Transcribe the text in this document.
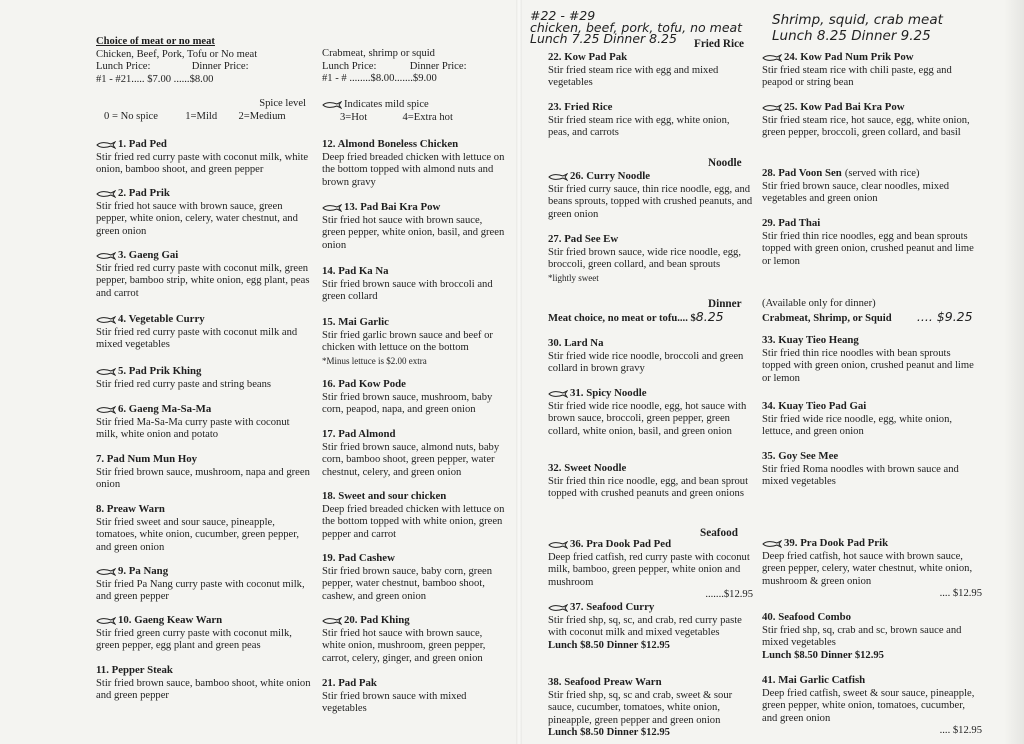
Choice of meat or no meat

Chicken, Beef, Pork, Tofu or No meat

Lunch Price:	Dinner Price:

#1 - #21..... $7.00 ......$8.00

Spice level

0 = No spice	1=Mild 2=Medium

1. Pad Ped

Stir fried red curry paste with coconut milk, white onion, bamboo shoot, and green pepper

2. Pad Prik

Stir fried hot sauce with brown sauce, green pepper, white onion, celery, water chestnut, and green onion

3. Gaeng Gai

Stir fried red curry paste with coconut milk, green pepper, bamboo strip, white onion, egg plant, peas and carrot

4. Vegetable Curry

Stir fried red curry paste with coconut milk and mixed vegetables

5. Pad Prik Khing

Stir fried red curry paste and string beans

6. Gaeng Ma-Sa-Ma

Stir fried Ma-Sa-Ma curry paste with coconut milk, white onion and potato

7. Pad Num Mun Hoy

Stir fried brown sauce, mushroom, napa and green onion

8. Preaw Warn

Stir fried sweet and sour sauce, pineapple, tomatoes, white onion, cucumber, green pepper, and green onion

9. Pa Nang

Stir fried Pa Nang curry paste with coconut milk, and green pepper

10. Gaeng Keaw Warn

Stir fried green curry paste with coconut milk, green pepper, egg plant and green peas

11. Pepper Steak

Stir fried brown sauce, bamboo shoot, white onion and green pepper

Crabmeat, shrimp or squid

Lunch Price:	Dinner Price:

#1 - # ........$8.00.......$9.00

Indicates mild spice

3=Hot	4=Extra hot

12. Almond Boneless Chicken

Deep fried breaded chicken with lettuce on the bottom topped with almond nuts and brown gravy

13. Pad Bai Kra Pow

Stir fried hot sauce with brown sauce, green pepper, white onion, basil, and green onion

14. Pad Ka Na

Stir fried brown sauce with broccoli and green collard

15. Mai Garlic

Stir fried garlic brown sauce and beef or chicken with lettuce on the bottom
*Minus lettuce is $2.00 extra

16. Pad Kow Pode

Stir fried brown sauce, mushroom, baby corn, peapod, napa, and green onion

17. Pad Almond

Stir fried brown sauce, almond nuts, baby corn, bamboo shoot, green pepper, water chestnut, celery, and green onion

18. Sweet and sour chicken

Deep fried breaded chicken with lettuce on the bottom topped with white onion, green pepper and carrot

19. Pad Cashew

Stir fried brown sauce, baby corn, green pepper, water chestnut, bamboo shoot, cashew, and green onion

20. Pad Khing

Stir fried hot sauce with brown sauce, white onion, mushroom, green pepper, carrot, celery, ginger, and green onion

21. Pad Pak

Stir fried brown sauce with mixed vegetables

#22 - #29

chicken, beef, pork, tofu, no meat

Lunch 7.25 Dinner 8.25	Fried Rice
Noodle
Dinner
Meat choice, no meat or tofu.... $8.25
Seafood

22. Kow Pad Pak

Stir fried steam rice with egg and mixed vegetables

23. Fried Rice

Stir fried steam rice with egg, white onion, peas, and carrots

26. Curry Noodle

Stir fried curry sauce, thin rice noodle, egg, and beans sprouts, topped with crushed peanuts, and green onion

27. Pad See Ew

Stir fried brown sauce, wide rice noodle, egg, broccoli, green collard, and bean sprouts
*lightly sweet

30. Lard Na

Stir fried wide rice noodle, broccoli and green collard in brown gravy

31. Spicy Noodle

Stir fried wide rice noodle, egg, hot sauce with brown sauce, broccoli, green pepper, green collard, white onion, basil, and green onion

32. Sweet Noodle

Stir fried thin rice noodle, egg, and bean sprout topped with crushed peanuts and green onions

36. Pra Dook Pad Ped

Deep fried catfish, red curry paste with coconut milk, bamboo, green pepper, white onion and mushroom
.......$12.95

37. Seafood Curry

Stir fried shp, sq, sc, and crab, red curry paste with coconut milk and mixed vegetables
Lunch $8.50 Dinner $12.95

38. Seafood Preaw Warn

Stir fried shp, sq, sc and crab, sweet & sour sauce, cucumber, tomatoes, white onion, pineapple, green pepper and green onion
Lunch $8.50 Dinner $12.95

Shrimp, squid, crab meat

Lunch 8.25 Dinner 9.25

(Available only for dinner)

Crabmeat, Shrimp, or Squid .... $9.25

24. Kow Pad Num Prik Pow

Stir fried steam rice with chili paste, egg and peapod or string bean

25. Kow Pad Bai Kra Pow

Stir fried steam rice, hot sauce, egg, white onion, green pepper, broccoli, green collard, and basil

28. Pad Voon Sen (served with rice)

Stir fried brown sauce, clear noodles, mixed vegetables and green onion

29. Pad Thai

Stir fried thin rice noodles, egg and bean sprouts topped with green onion, crushed peanut and lime or lemon

33. Kuay Tieo Heang

Stir fried thin rice noodles with bean sprouts topped with green onion, crushed peanut and lime or lemon

34. Kuay Tieo Pad Gai

Stir fried wide rice noodle, egg, white onion, lettuce, and green onion

35. Goy See Mee

Stir fried Roma noodles with brown sauce and mixed vegetables

39. Pra Dook Pad Prik

Deep fried catfish, hot sauce with brown sauce, green pepper, celery, water chestnut, white onion, mushroom & green onion
.... $12.95

40. Seafood Combo

Stir fried shp, sq, crab and sc, brown sauce and mixed vegetables
Lunch $8.50 Dinner $12.95

41. Mai Garlic Catfish

Deep fried catfish, sweet & sour sauce, pineapple, green pepper, white onion, tomatoes, cucumber, and green onion
.... $12.95
